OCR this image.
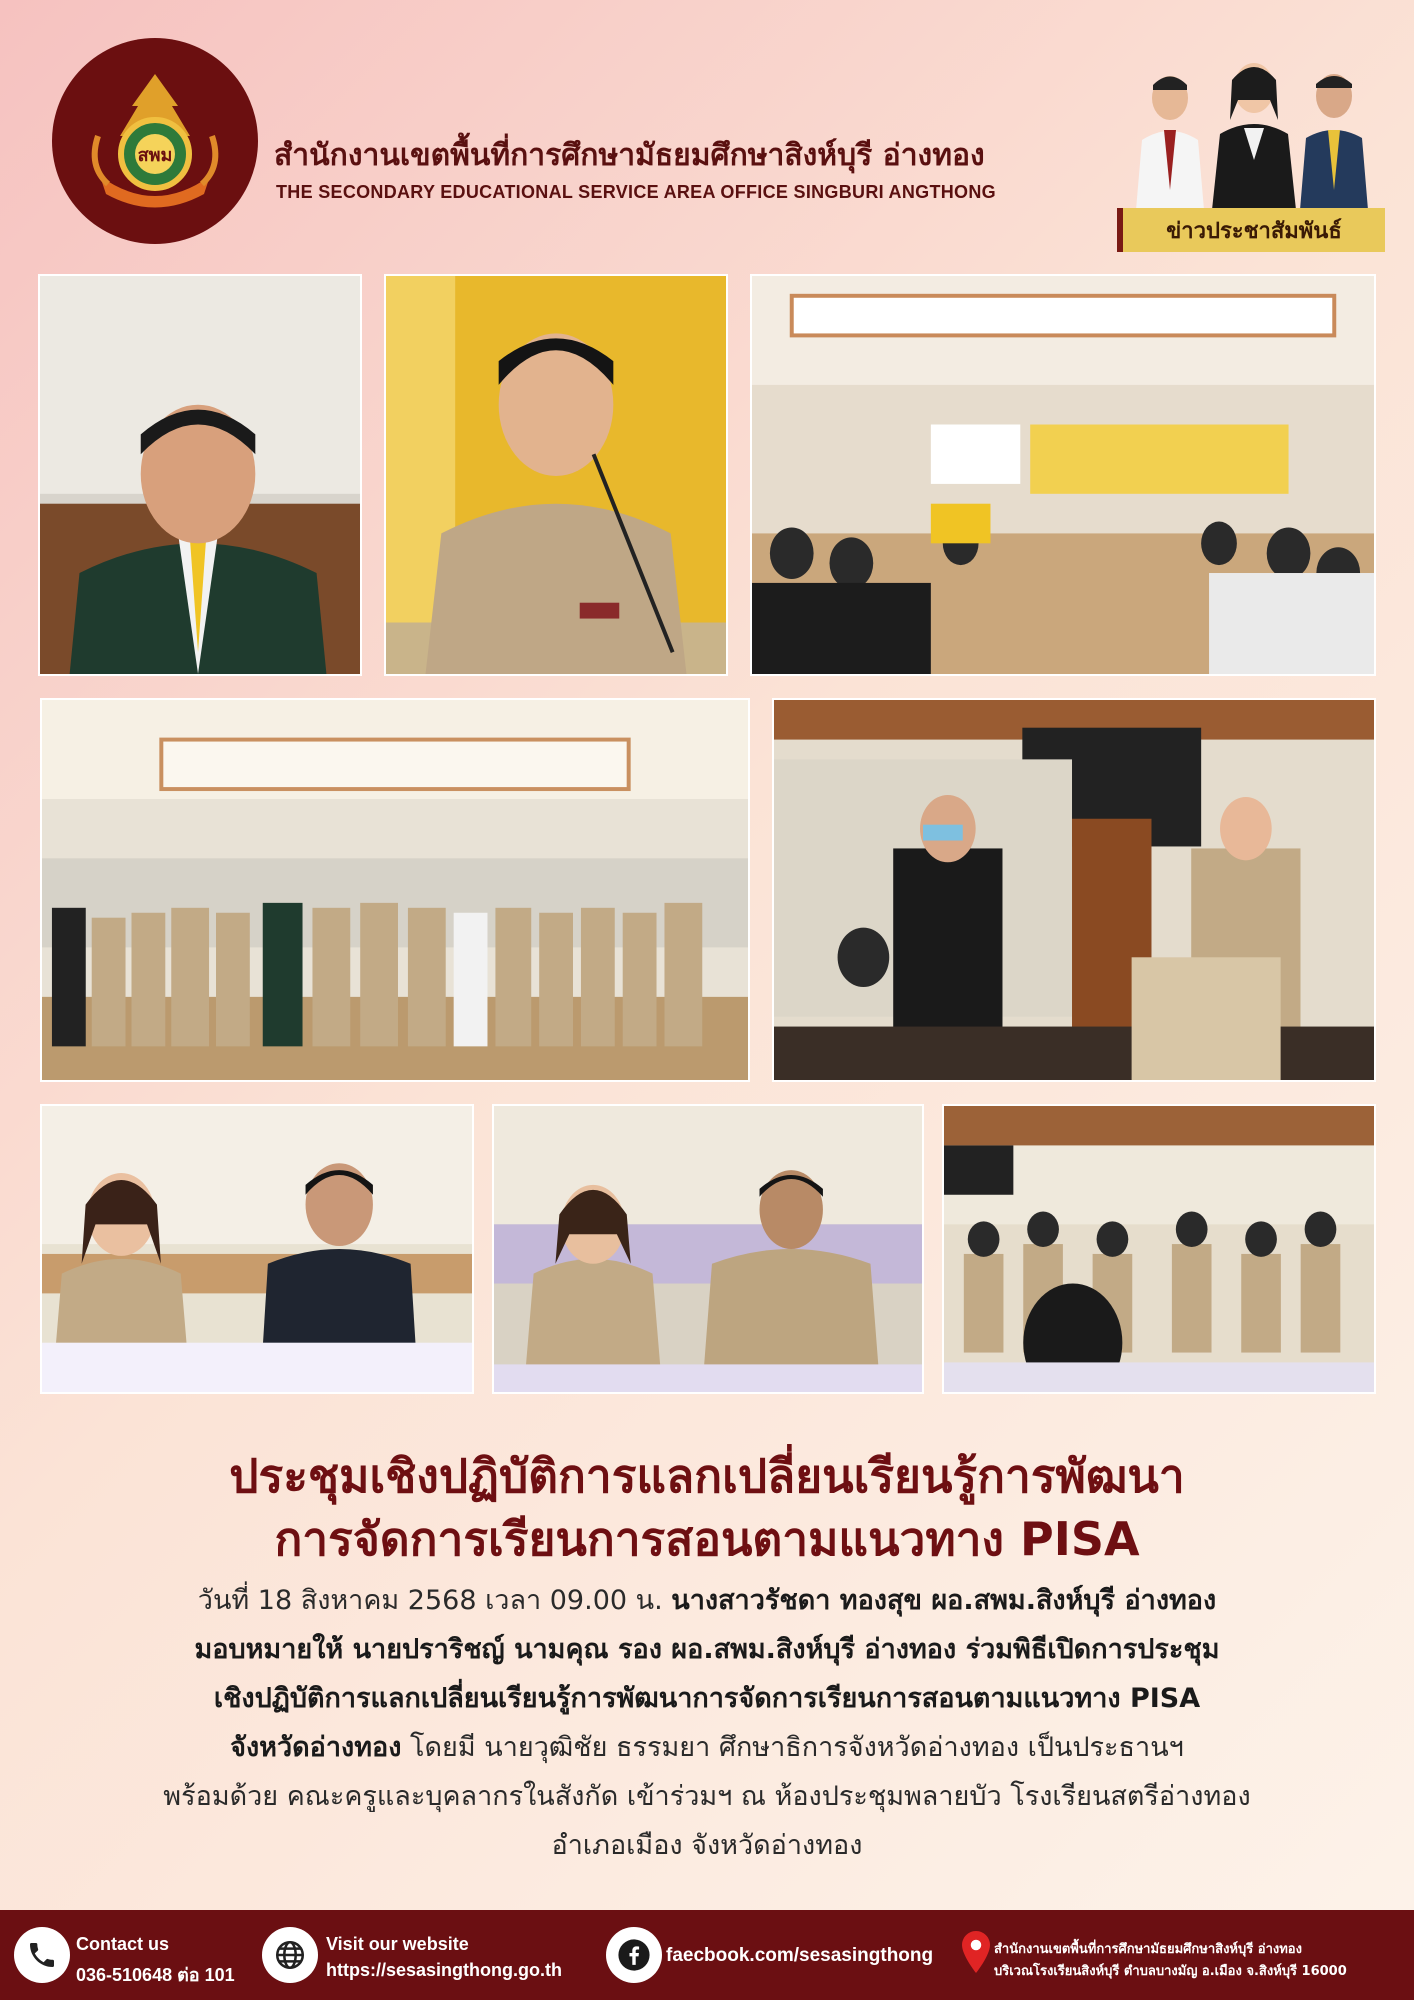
สพม	สำนักงานเขตพื้นที่การศึกษามัธยมศึกษาสิงห์บุรี อ่างทอง
THE SECONDARY EDUCATIONAL SERVICE AREA OFFICE SINGBURI ANGTHONG
ข่าวประชาสัมพันธ์
ประชุมเชิงปฏิบัติการแลกเปลี่ยนเรียนรู้การพัฒนา
การจัดการเรียนการสอนตามแนวทาง PISA
วันที่ 18 สิงหาคม 2568 เวลา 09.00 น. นางสาวรัชดา ทองสุข ผอ.สพม.สิงห์บุรี อ่างทอง
มอบหมายให้ นายปราริชญ์ นามคุณ รอง ผอ.สพม.สิงห์บุรี อ่างทอง ร่วมพิธีเปิดการประชุม
เชิงปฏิบัติการแลกเปลี่ยนเรียนรู้การพัฒนาการจัดการเรียนการสอนตามแนวทาง PISA
จังหวัดอ่างทอง โดยมี นายวุฒิชัย ธรรมยา ศึกษาธิการจังหวัดอ่างทอง เป็นประธานฯ
พร้อมด้วย คณะครูและบุคลากรในสังกัด เข้าร่วมฯ ณ ห้องประชุมพลายบัว โรงเรียนสตรีอ่างทอง
อำเภอเมือง จังหวัดอ่างทอง
Contact us
036-510648 ต่อ 101
Visit our website
https://sesasingthong.go.th
faecbook.com/sesasingthong	สำนักงานเขตพื้นที่การศึกษามัธยมศึกษาสิงห์บุรี อ่างทอง
บริเวณโรงเรียนสิงห์บุรี ตำบลบางมัญ อ.เมือง จ.สิงห์บุรี 16000
